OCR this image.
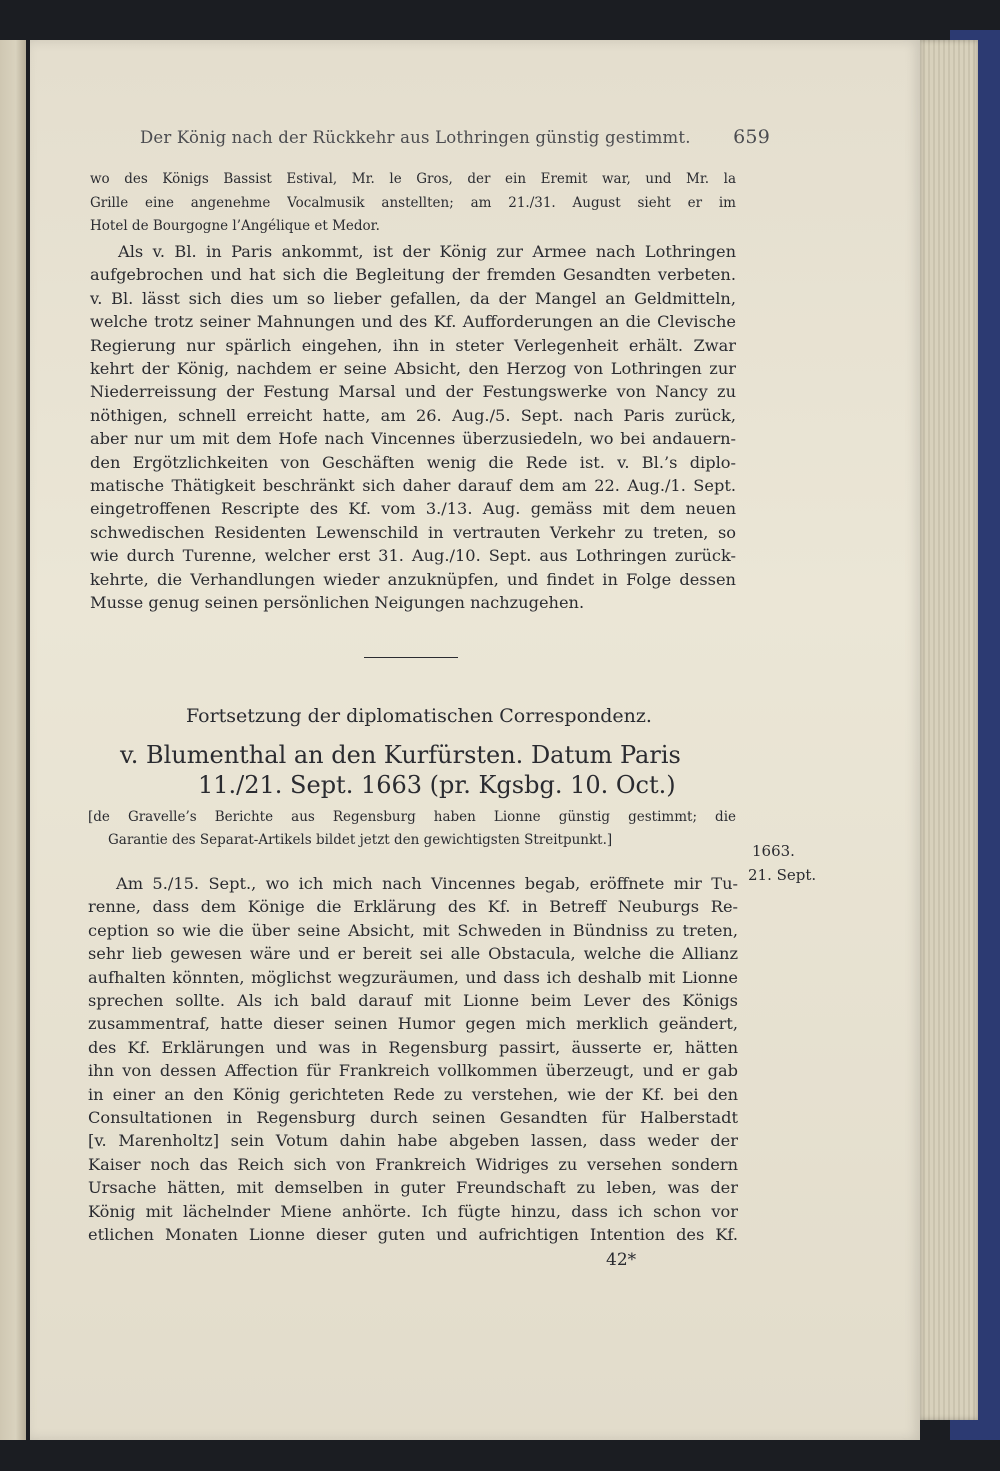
Der König nach der Rückkehr aus Lothringen günstig gestimmt. 659
wo des Königs Bassist Estival, Mr. le Gros, der ein Eremit war, und Mr. la
Grille eine angenehme Vocalmusik anstellten; am 21./31. August sieht er im
Hotel de Bourgogne l’Angélique et Medor.
Als v. Bl. in Paris ankommt, ist der König zur Armee nach Lothringen
aufgebrochen und hat sich die Begleitung der fremden Gesandten verbeten.
v. Bl. lässt sich dies um so lieber gefallen, da der Mangel an Geldmitteln,
welche trotz seiner Mahnungen und des Kf. Aufforderungen an die Clevische
Regierung nur spärlich eingehen, ihn in steter Verlegenheit erhält. Zwar
kehrt der König, nachdem er seine Absicht, den Herzog von Lothringen zur
Niederreissung der Festung Marsal und der Festungswerke von Nancy zu
nöthigen, schnell erreicht hatte, am 26. Aug./5. Sept. nach Paris zurück,
aber nur um mit dem Hofe nach Vincennes überzusiedeln, wo bei andauern-
den Ergötzlichkeiten von Geschäften wenig die Rede ist. v. Bl.’s diplo-
matische Thätigkeit beschränkt sich daher darauf dem am 22. Aug./1. Sept.
eingetroffenen Rescripte des Kf. vom 3./13. Aug. gemäss mit dem neuen
schwedischen Residenten Lewenschild in vertrauten Verkehr zu treten, so
wie durch Turenne, welcher erst 31. Aug./10. Sept. aus Lothringen zurück-
kehrte, die Verhandlungen wieder anzuknüpfen, und findet in Folge dessen
Musse genug seinen persönlichen Neigungen nachzugehen.
Fortsetzung der diplomatischen Correspondenz.
v. Blumenthal an den Kurfürsten. Datum Paris
11./21. Sept. 1663 (pr. Kgsbg. 10. Oct.)
[de Gravelle’s Berichte aus Regensburg haben Lionne günstig gestimmt; die
Garantie des Separat-Artikels bildet jetzt den gewichtigsten Streitpunkt.]
1663.
21. Sept.
Am 5./15. Sept., wo ich mich nach Vincennes begab, eröffnete mir Tu-
renne, dass dem Könige die Erklärung des Kf. in Betreff Neuburgs Re-
ception so wie die über seine Absicht, mit Schweden in Bündniss zu treten,
sehr lieb gewesen wäre und er bereit sei alle Obstacula, welche die Allianz
aufhalten könnten, möglichst wegzuräumen, und dass ich deshalb mit Lionne
sprechen sollte. Als ich bald darauf mit Lionne beim Lever des Königs
zusammentraf, hatte dieser seinen Humor gegen mich merklich geändert,
des Kf. Erklärungen und was in Regensburg passirt, äusserte er, hätten
ihn von dessen Affection für Frankreich vollkommen überzeugt, und er gab
in einer an den König gerichteten Rede zu verstehen, wie der Kf. bei den
Consultationen in Regensburg durch seinen Gesandten für Halberstadt
[v. Marenholtz] sein Votum dahin habe abgeben lassen, dass weder der
Kaiser noch das Reich sich von Frankreich Widriges zu versehen sondern
Ursache hätten, mit demselben in guter Freundschaft zu leben, was der
König mit lächelnder Miene anhörte. Ich fügte hinzu, dass ich schon vor
etlichen Monaten Lionne dieser guten und aufrichtigen Intention des Kf.
42*
